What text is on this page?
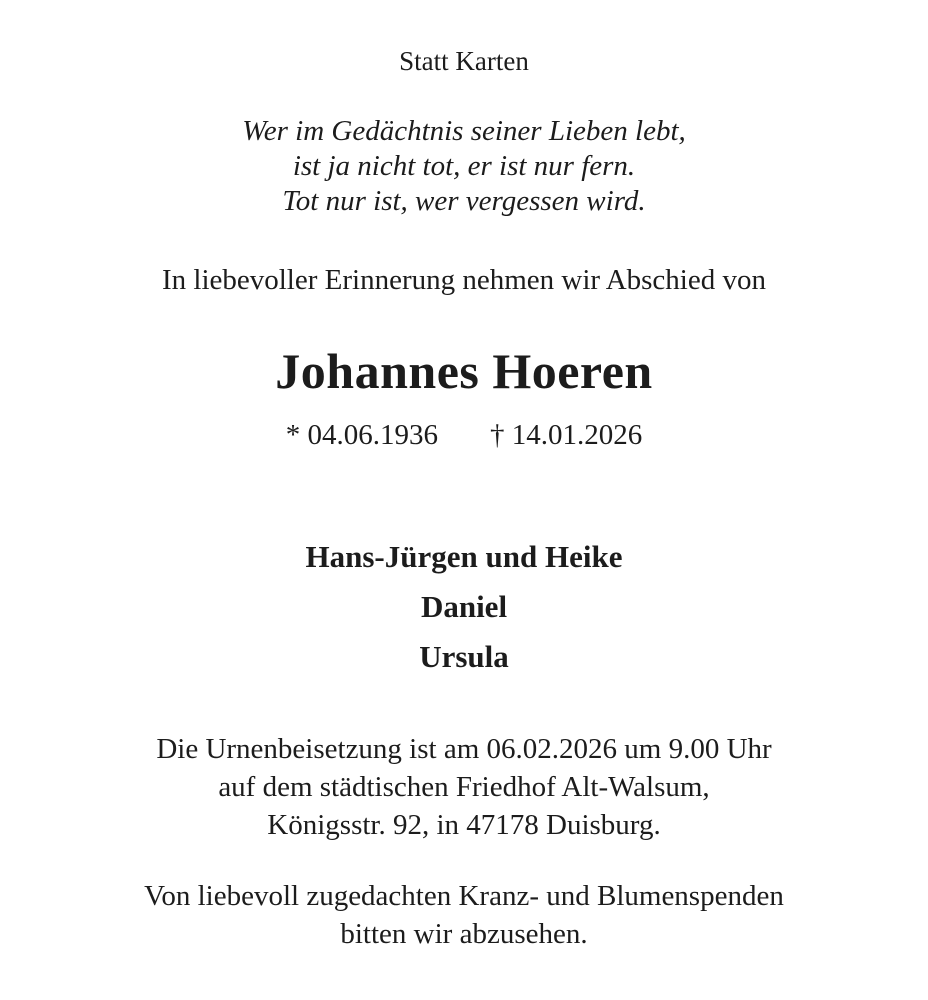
Statt Karten
Wer im Gedächtnis seiner Lieben lebt,
ist ja nicht tot, er ist nur fern.
Tot nur ist, wer vergessen wird.
In liebevoller Erinnerung nehmen wir Abschied von
Johannes Hoeren
* 04.06.1936 † 14.01.2026
Hans-Jürgen und Heike
Daniel
Ursula
Die Urnenbeisetzung ist am 06.02.2026 um 9.00 Uhr
auf dem städtischen Friedhof Alt-Walsum,
Königsstr. 92, in 47178 Duisburg.
Von liebevoll zugedachten Kranz- und Blumenspenden
bitten wir abzusehen.
